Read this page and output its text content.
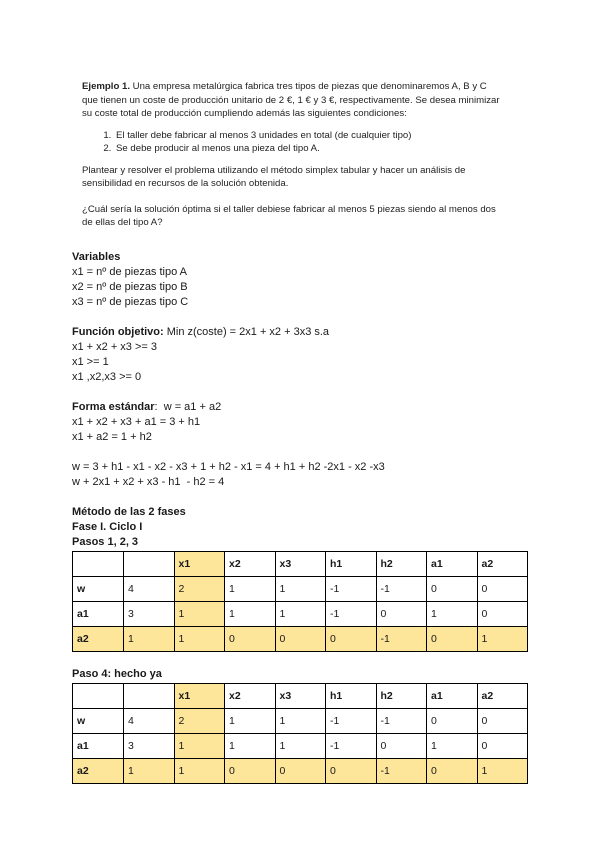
Ejemplo 1. Una empresa metalúrgica fabrica tres tipos de piezas que denominaremos A, B y C que tienen un coste de producción unitario de 2 €, 1 € y 3 €, respectivamente. Se desea minimizar su coste total de producción cumpliendo además las siguientes condiciones:

1. El taller debe fabricar al menos 3 unidades en total (de cualquier tipo)
2. Se debe producir al menos una pieza del tipo A.

Plantear y resolver el problema utilizando el método simplex tabular y hacer un análisis de sensibilidad en recursos de la solución obtenida.

¿Cuál sería la solución óptima si el taller debiese fabricar al menos 5 piezas siendo al menos dos de ellas del tipo A?

Variables
x1 = nº de piezas tipo A
x2 = nº de piezas tipo B
x3 = nº de piezas tipo C
Función objetivo: Min z(coste) = 2x1 + x2 + 3x3 s.a
x1 + x2 + x3 >= 3
x1 >= 1
x1 ,x2,x3 >= 0
Forma estándar:  w = a1 + a2
x1 + x2 + x3 + a1 = 3 + h1
x1 + a2 = 1 + h2
w = 3 + h1 - x1 - x2 - x3 + 1 + h2 - x1 = 4 + h1 + h2 -2x1 - x2 -x3
w + 2x1 + x2 + x3 - h1  - h2 = 4
Método de las 2 fases
Fase I. Ciclo I
Pasos 1, 2, 3
		x1	x2	x3	h1	h2	a1	a2
w	4	2	1	1	-1	-1	0	0
a1	3	1	1	1	-1	0	1	0
a2	1	1	0	0	0	-1	0	1
Paso 4: hecho ya
		x1	x2	x3	h1	h2	a1	a2
w	4	2	1	1	-1	-1	0	0
a1	3	1	1	1	-1	0	1	0
a2	1	1	0	0	0	-1	0	1
